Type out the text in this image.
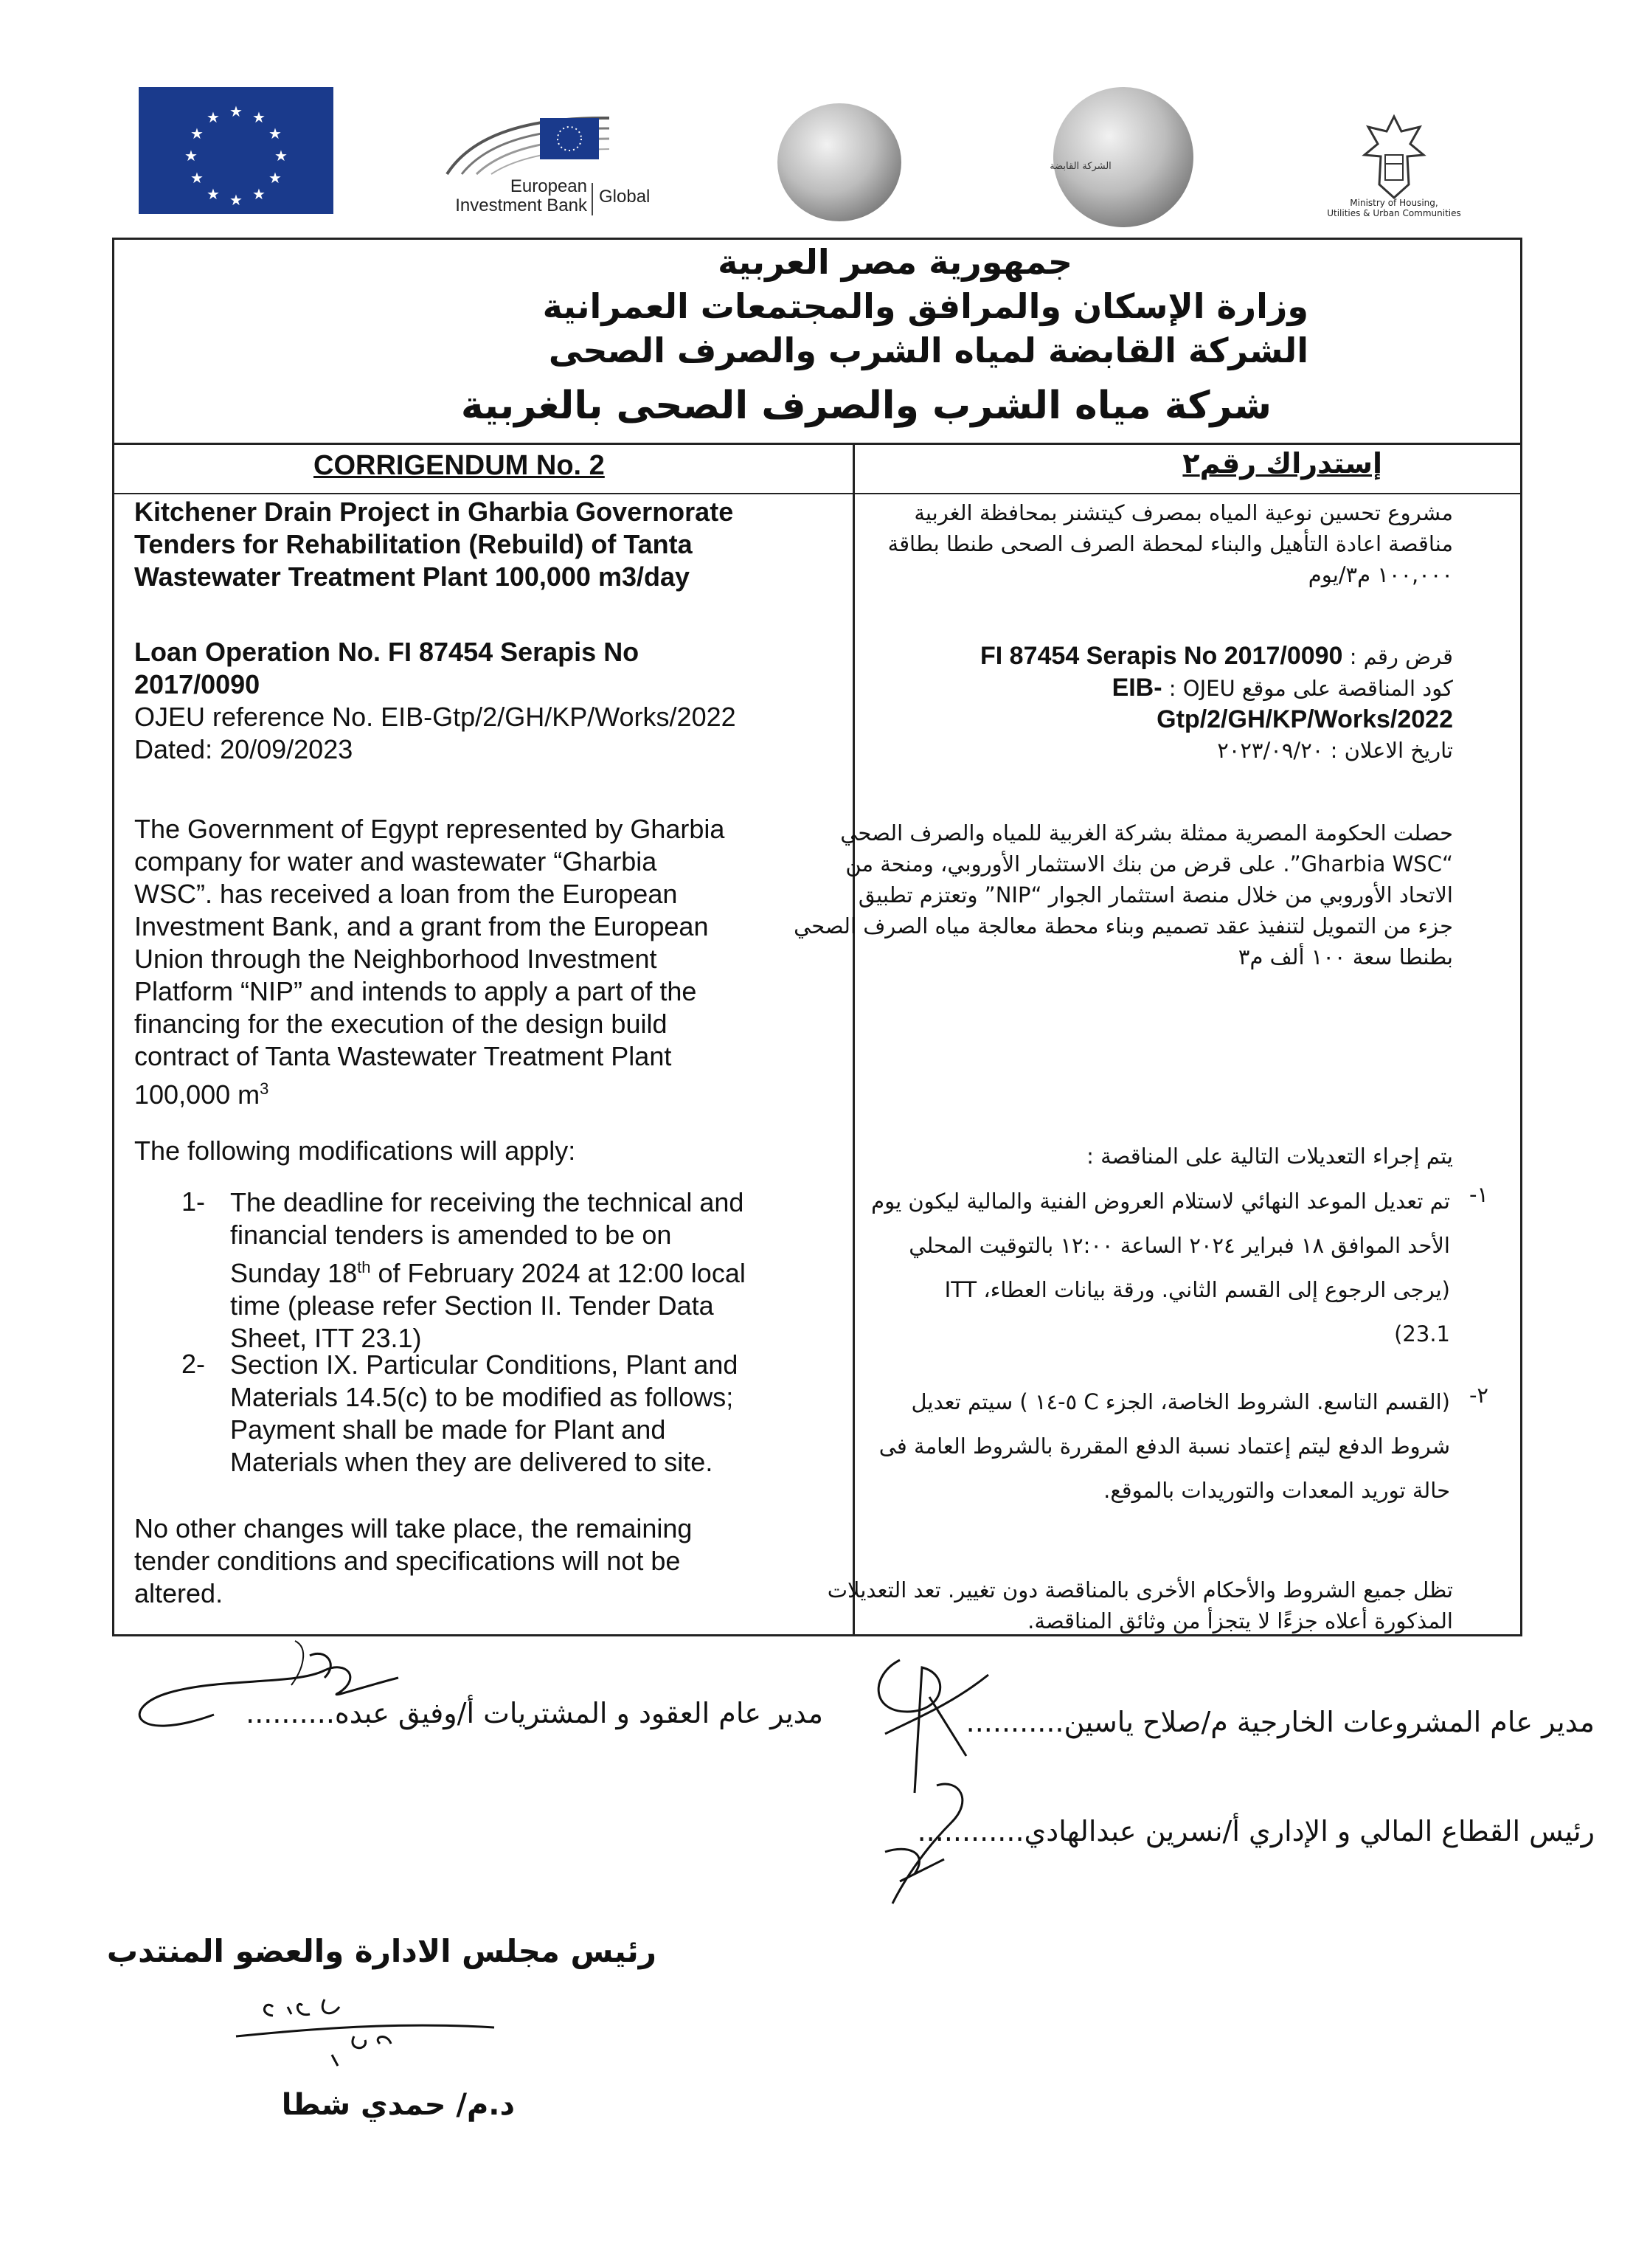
★ ★
★
★
★
★
★
★
★
★
★
★
European
Investment Bank Global
الشركة القابضة
Ministry of Housing,
Utilities & Urban Communities
جمهورية مصر العربية
وزارة الإسكان والمرافق والمجتمعات العمرانية
الشركة القابضة لمياه الشرب والصرف الصحى
شركة مياه الشرب والصرف الصحى بالغربية
CORRIGENDUM No. 2	إستدراك رقم٢
Kitchener Drain Project in Gharbia Governorate
Tenders for Rehabilitation (Rebuild) of Tanta
Wastewater Treatment Plant 100,000 m3/day
Loan Operation No. FI 87454 Serapis No
2017/0090
OJEU reference No. EIB-Gtp/2/GH/KP/Works/2022
Dated: 20/09/2023
The Government of Egypt represented by Gharbia
company for water and wastewater “Gharbia
WSC”. has received a loan from the European
Investment Bank, and a grant from the European
Union through the Neighborhood Investment
Platform “NIP” and intends to apply a part of the
financing for the execution of the design build
contract of Tanta Wastewater Treatment Plant
100,000 $m^3$
The following modifications will apply:
1- The deadline for receiving the technical and
financial tenders is amended to be on
Sunday 18th of February 2024 at 12:00 local
time (please refer Section II. Tender Data
Sheet, ITT 23.1)
2- Section IX. Particular Conditions, Plant and
Materials 14.5(c) to be modified as follows;
Payment shall be made for Plant and
Materials when they are delivered to site.
No other changes will take place, the remaining
tender conditions and specifications will not be
altered.
مشروع تحسين نوعية المياه بمصرف كيتشنر بمحافظة الغربية
مناقصة اعادة التأهيل والبناء لمحطة الصرف الصحى طنطا بطاقة
١٠٠,٠٠٠ م٣/يوم
قرض رقم : FI 87454 Serapis No 2017/0090
كود المناقصة على موقع OJEU : EIB-
Gtp/2/GH/KP/Works/2022
تاريخ الاعلان : ٢٠٢٣/٠٩/٢٠
حصلت الحكومة المصرية ممثلة بشركة الغربية للمياه والصرف الصحي
“Gharbia WSC”. على قرض من بنك الاستثمار الأوروبي، ومنحة من
الاتحاد الأوروبي من خلال منصة استثمار الجوار “NIP” وتعتزم تطبيق
جزء من التمويل لتنفيذ عقد تصميم وبناء محطة معالجة مياه الصرف الصحي
بطنطا سعة ١٠٠ ألف م٣
يتم إجراء التعديلات التالية على المناقصة :
١-
تم تعديل الموعد النهائي لاستلام العروض الفنية والمالية ليكون يوم
الأحد الموافق ١٨ فبراير ٢٠٢٤ الساعة ١٢:٠٠ بالتوقيت المحلي
(يرجى الرجوع إلى القسم الثاني. ورقة بيانات العطاء، ITT
23.1)
٢-
(القسم التاسع. الشروط الخاصة، الجزء C ٥-١٤ ) سيتم تعديل
شروط الدفع ليتم إعتماد نسبة الدفع المقررة بالشروط العامة فى
حالة توريد المعدات والتوريدات بالموقع.
تظل جميع الشروط والأحكام الأخرى بالمناقصة دون تغيير. تعد التعديلات
المذكورة أعلاه جزءًا لا يتجزأ من وثائق المناقصة.
مدير عام المشروعات الخارجية م/صلاح ياسين...........
مدير عام العقود و المشتريات أ/وفيق عبده..........
رئيس القطاع المالي و الإداري أ/نسرين عبدالهادي............
رئيس مجلس الادارة والعضو المنتدب
د.م/ حمدي شطا
